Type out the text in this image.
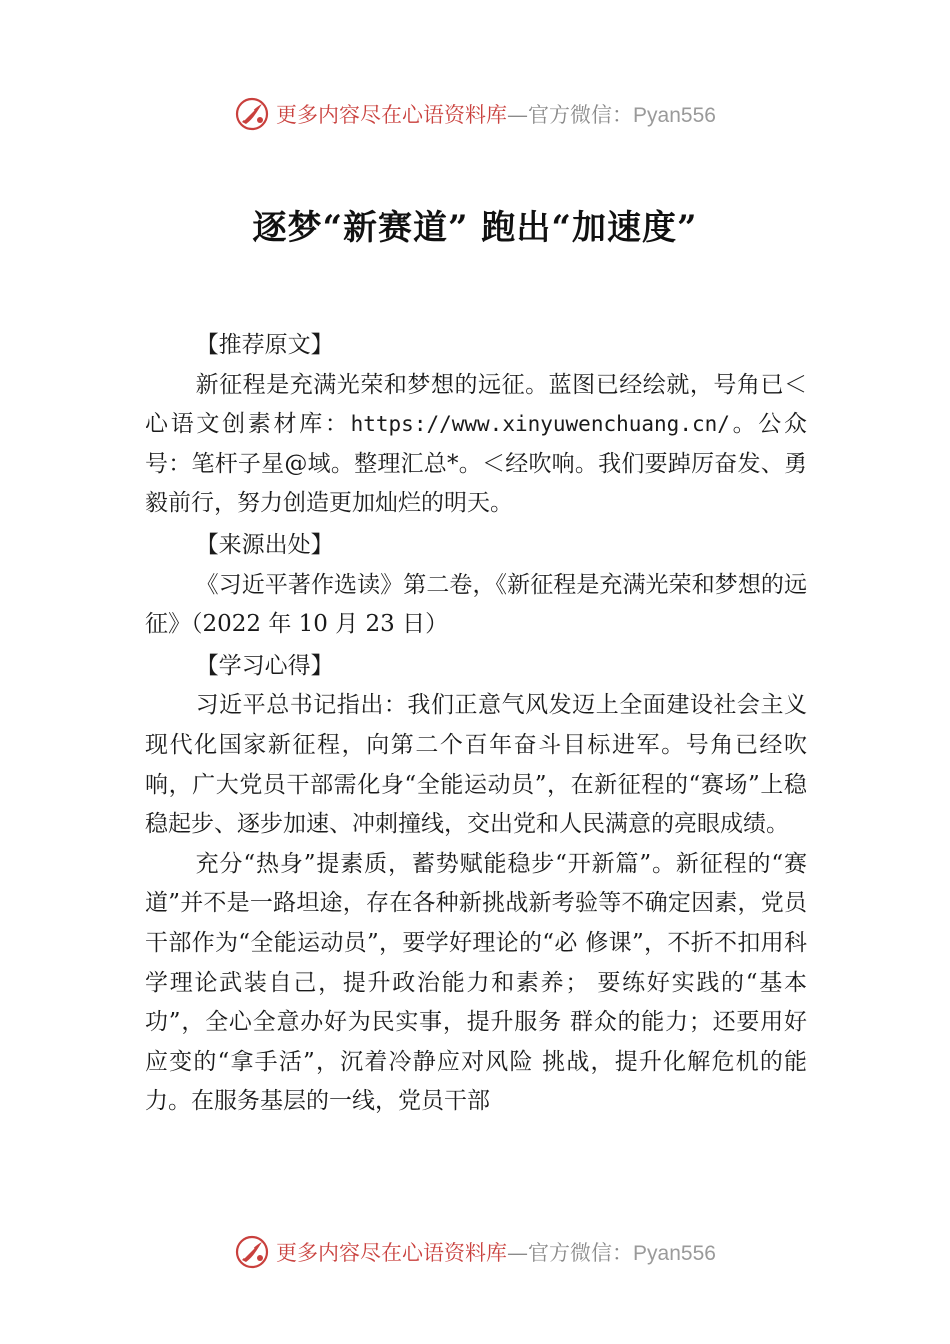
更多内容尽在心语资料库—官方微信：Pyan556
逐梦“新赛道” 跑出“加速度”

【推荐原文】

新征程是充满光荣和梦想的远征。蓝图已经绘就，号角已＜心语文创素材库：https://www.xinyuwenchuang.cn/。公众号：笔杆子星@域。整理汇总*。＜经吹响。我们要踔厉奋发、勇毅前行，努力创造更加灿烂的明天。

【来源出处】

《习近平著作选读》第二卷，《新征程是充满光荣和梦想的远征》（2022 年 10 月 23 日）

【学习心得】

习近平总书记指出：我们正意气风发迈上全面建设社会主义现代化国家新征程，向第二个百年奋斗目标进军。号角已经吹响，广大党员干部需化身“全能运动员”，在新征程的“赛场”上稳稳起步、逐步加速、冲刺撞线，交出党和人民满意的亮眼成绩。

充分“热身”提素质，蓄势赋能稳步“开新篇”。新征程的“赛道”并不是一路坦途，存在各种新挑战新考验等不确定因素，党员干部作为“全能运动员”，要学好理论的“必 修课”，不折不扣用科学理论武装自己，提升政治能力和素养； 要练好实践的“基本功”，全心全意办好为民实事，提升服务 群众的能力；还要用好应变的“拿手活”，沉着冷静应对风险 挑战，提升化解危机的能力。在服务基层的一线，党员干部

更多内容尽在心语资料库—官方微信：Pyan556
